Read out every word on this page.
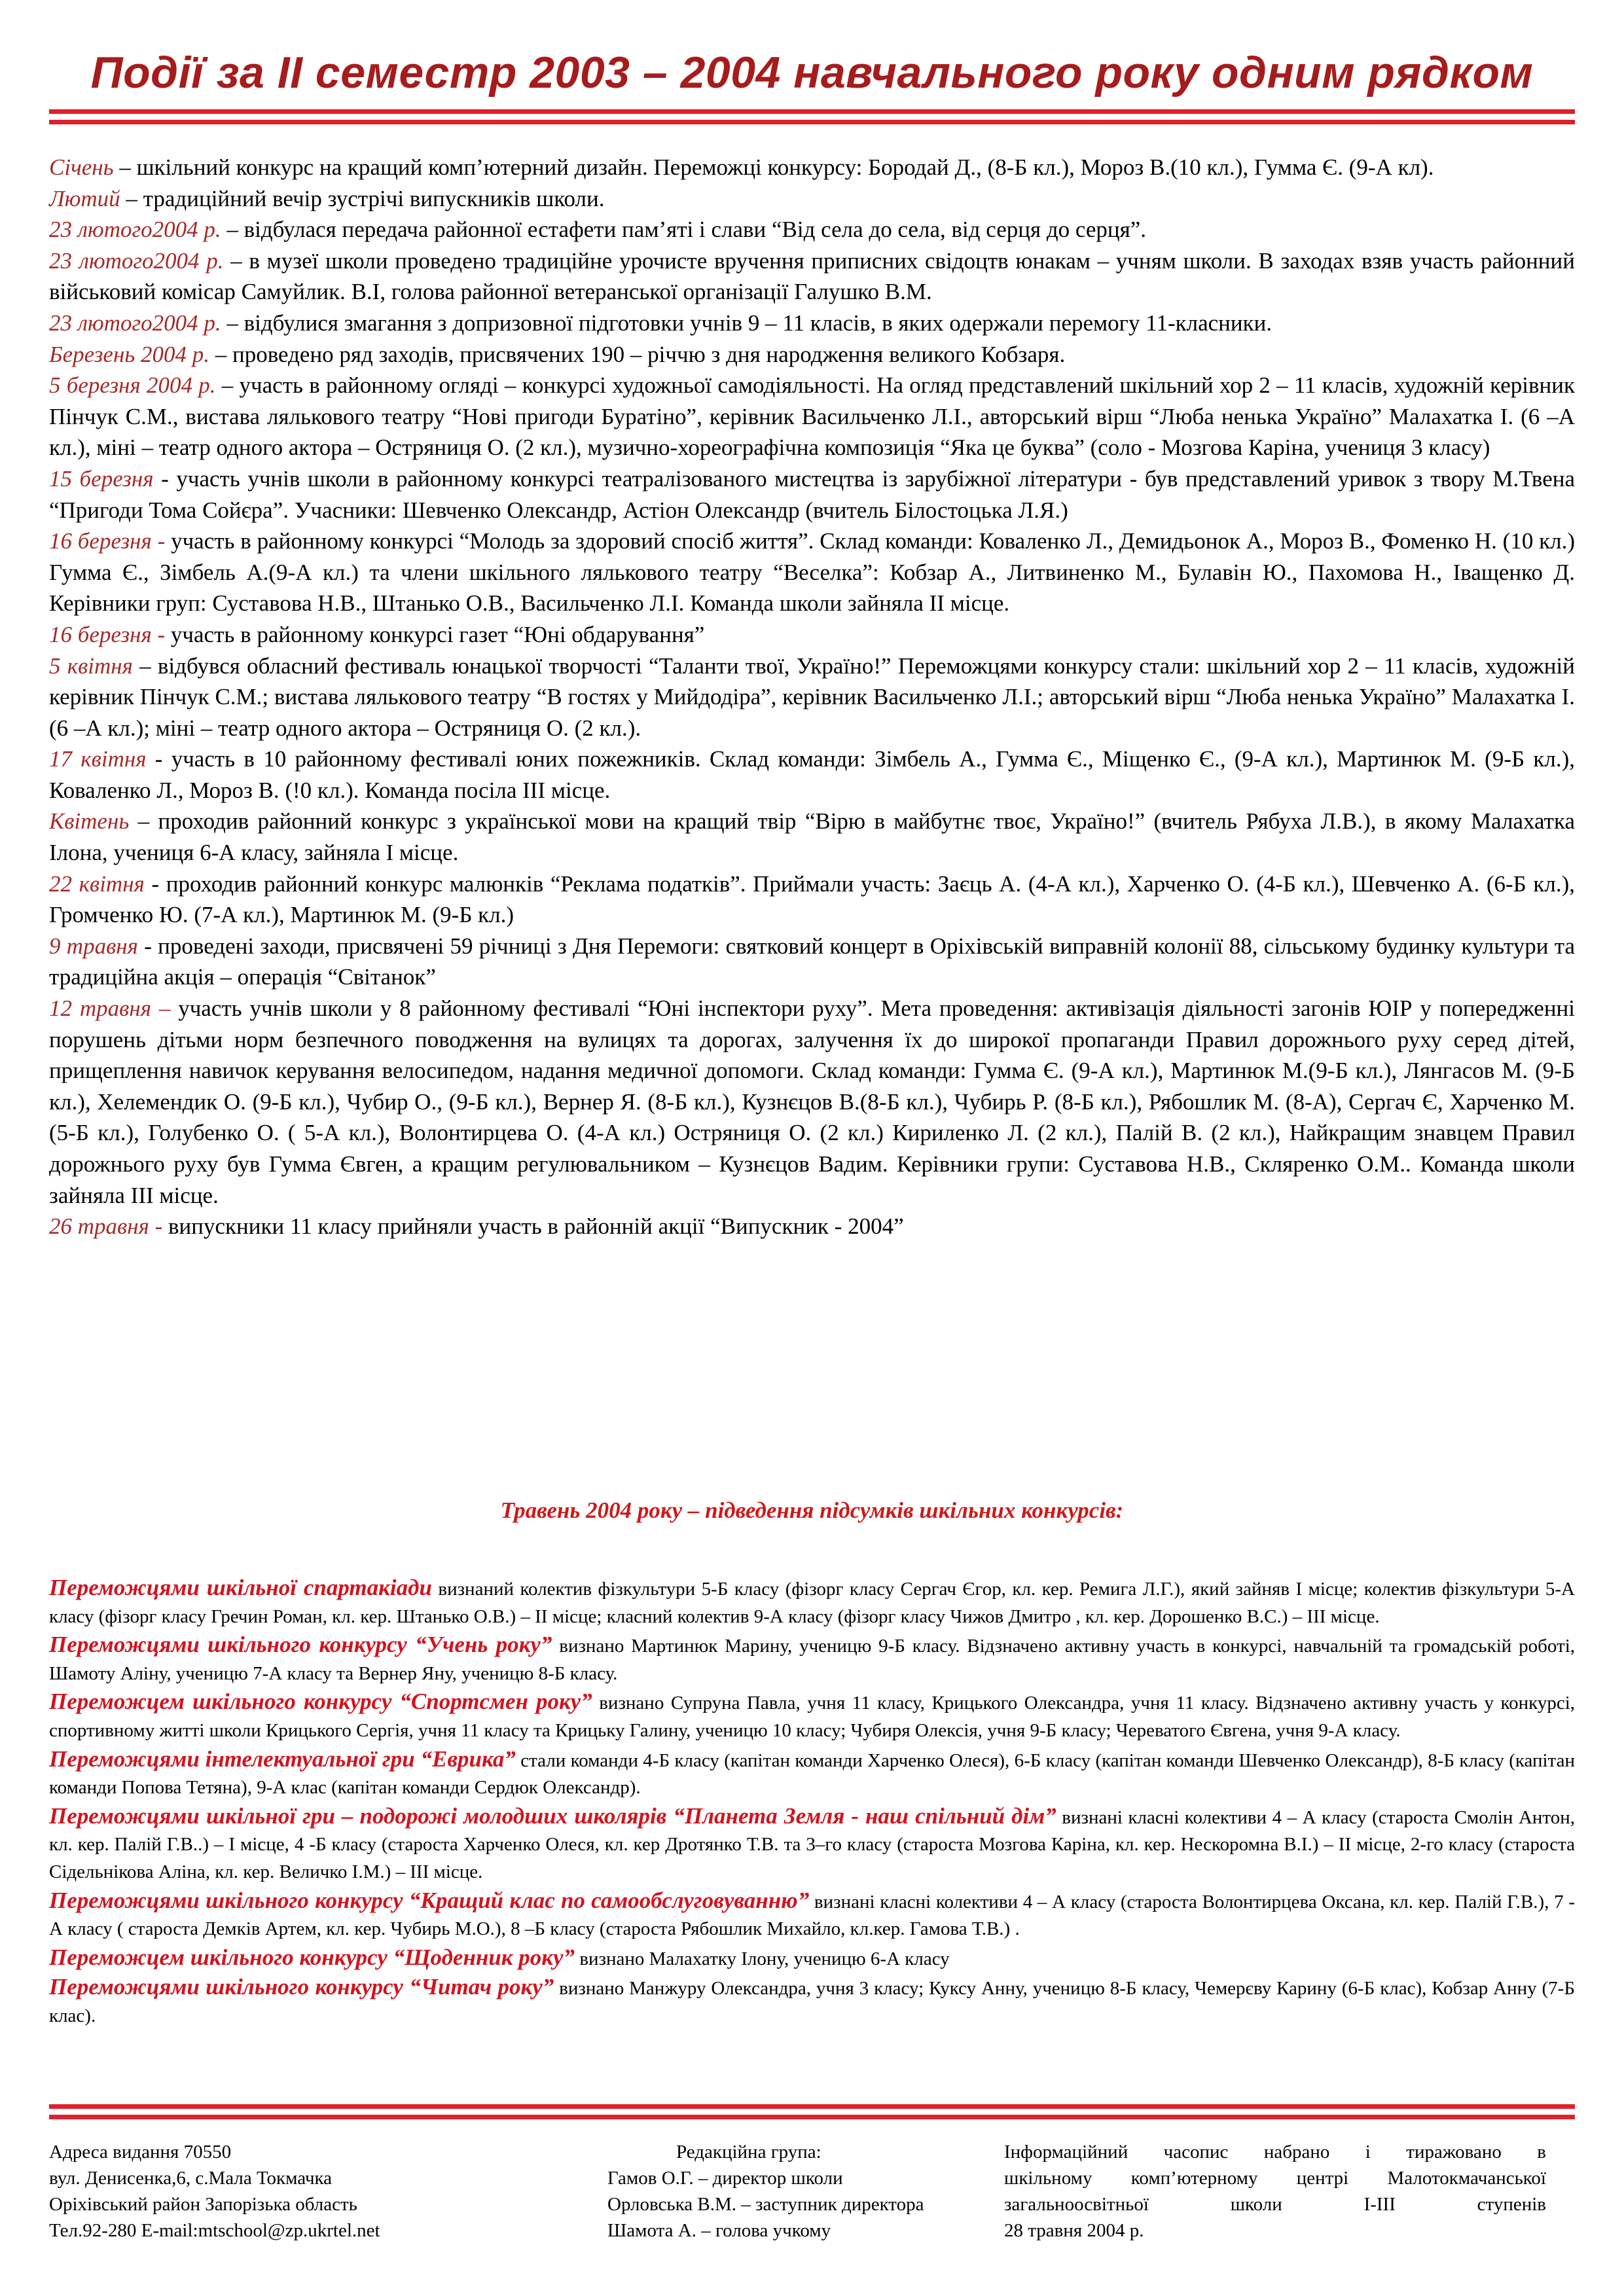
Події за II семестр 2003 – 2004 навчального року одним рядком

Січень – шкільний конкурс на кращий комп’ютерний дизайн. Переможці конкурсу: Бородай Д., (8-Б кл.), Мороз В.(10 кл.), Гумма Є. (9-А кл).

Лютий – традиційний вечір зустрічі випускників школи.

23 лютого2004 р. – відбулася передача районної естафети пам’яті і слави “Від села до села, від серця до серця”.

23 лютого2004 р. – в музеї школи проведено традиційне урочисте вручення приписних свідоцтв юнакам – учням школи. В заходах взяв участь районний військовий комісар Самуйлик. В.І, голова районної ветеранської організації Галушко В.М.

23 лютого2004 р. – відбулися змагання з допризовної підготовки учнів 9 – 11 класів, в яких одержали перемогу 11-класники.

Березень 2004 р. – проведено ряд заходів, присвячених 190 – річчю з дня народження великого Кобзаря.

5 березня 2004 р. – участь в районному огляді – конкурсі художньої самодіяльності. На огляд представлений шкільний хор 2 – 11 класів, художній керівник Пінчук С.М., вистава лялькового театру “Нові пригоди Буратіно”, керівник Васильченко Л.І., авторський вірш “Люба ненька Україно” Малахатка І. (6 –А кл.), міні – театр одного актора – Остряниця О. (2 кл.), музично-хореографічна композиція “Яка це буква” (соло - Мозгова Каріна, учениця 3 класу)

15 березня - участь учнів школи в районному конкурсі театралізованого мистецтва із зарубіжної літератури - був представлений уривок з твору М.Твена “Пригоди Тома Сойєра”. Учасники: Шевченко Олександр, Астіон Олександр (вчитель Білостоцька Л.Я.)

16 березня - участь в районному конкурсі “Молодь за здоровий спосіб життя”. Склад команди: Коваленко Л., Демидьонок А., Мороз В., Фоменко Н. (10 кл.) Гумма Є., Зімбель А.(9-А кл.) та члени шкільного лялькового театру “Веселка”: Кобзар А., Литвиненко М., Булавін Ю., Пахомова Н., Іващенко Д. Керівники груп: Суставова Н.В., Штанько О.В., Васильченко Л.І. Команда школи зайняла ІІ місце.

16 березня - участь в районному конкурсі газет “Юні обдарування”

5 квітня – відбувся обласний фестиваль юнацької творчості “Таланти твої, Україно!” Переможцями конкурсу стали: шкільний хор 2 – 11 класів, художній керівник Пінчук С.М.; вистава лялькового театру “В гостях у Мийдодіра”, керівник Васильченко Л.І.; авторський вірш “Люба ненька Україно” Малахатка І. (6 –А кл.); міні – театр одного актора – Остряниця О. (2 кл.).

17 квітня - участь в 10 районному фестивалі юних пожежників. Склад команди: Зімбель А., Гумма Є., Міщенко Є., (9-А кл.), Мартинюк М. (9-Б кл.), Коваленко Л., Мороз В. (!0 кл.). Команда посіла ІІІ місце.

Квітень – проходив районний конкурс з української мови на кращий твір “Вірю в майбутнє твоє, Україно!” (вчитель Рябуха Л.В.), в якому Малахатка Ілона, учениця 6-А класу, зайняла І місце.

22 квітня - проходив районний конкурс малюнків “Реклама податків”. Приймали участь: Заєць А. (4-А кл.), Харченко О. (4-Б кл.), Шевченко А. (6-Б кл.), Громченко Ю. (7-А кл.), Мартинюк М. (9-Б кл.)

9 травня - проведені заходи, присвячені 59 річниці з Дня Перемоги: святковий концерт в Оріхівській виправній колонії 88, сільському будинку культури та традиційна акція – операція “Світанок”

12 травня – участь учнів школи у 8 районному фестивалі “Юні інспектори руху”. Мета проведення: активізація діяльності загонів ЮІР у попередженні порушень дітьми норм безпечного поводження на вулицях та дорогах, залучення їх до широкої пропаганди Правил дорожнього руху серед дітей, прищеплення навичок керування велосипедом, надання медичної допомоги. Склад команди: Гумма Є. (9-А кл.), Мартинюк М.(9-Б кл.), Лянгасов М. (9-Б кл.), Хелемендик О. (9-Б кл.), Чубир О., (9-Б кл.), Вернер Я. (8-Б кл.), Кузнєцов В.(8-Б кл.), Чубирь Р. (8-Б кл.), Рябошлик М. (8-А), Сергач Є, Харченко М.(5-Б кл.), Голубенко О. ( 5-А кл.), Волонтирцева О. (4-А кл.) Остряниця О. (2 кл.) Кириленко Л. (2 кл.), Палій В. (2 кл.), Найкращим знавцем Правил дорожнього руху був Гумма Євген, а кращим регулювальником – Кузнєцов Вадим. Керівники групи: Суставова Н.В., Скляренко О.М.. Команда школи зайняла ІІІ місце.

26 травня - випускники 11 класу прийняли участь в районній акції “Випускник - 2004”

Травень 2004 року – підведення підсумків шкільних конкурсів:

Переможцями шкільної спартакіади визнаний колектив фізкультури 5-Б класу (фізорг класу Сергач Єгор, кл. кер. Ремига Л.Г.), який зайняв І місце; колектив фізкультури 5-А класу (фізорг класу Гречин Роман, кл. кер. Штанько О.В.) – ІІ місце; класний колектив 9-А класу (фізорг класу Чижов Дмитро , кл. кер. Дорошенко В.С.) – ІІІ місце.

Переможцями шкільного конкурсу “Учень року” визнано Мартинюк Марину, ученицю 9-Б класу. Відзначено активну участь в конкурсі, навчальній та громадській роботі, Шамоту Аліну, ученицю 7-А класу та Вернер Яну, ученицю 8-Б класу.

Переможцем шкільного конкурсу “Спортсмен року” визнано Супруна Павла, учня 11 класу, Крицького Олександра, учня 11 класу. Відзначено активну участь у конкурсі, спортивному житті школи Крицького Сергія, учня 11 класу та Крицьку Галину, ученицю 10 класу; Чубиря Олексія, учня 9-Б класу; Череватого Євгена, учня 9-А класу.

Переможцями інтелектуальної гри “Еврика” стали команди 4-Б класу (капітан команди Харченко Олеся), 6-Б класу (капітан команди Шевченко Олександр), 8-Б класу (капітан команди Попова Тетяна), 9-А клас (капітан команди Сердюк Олександр).

Переможцями шкільної гри – подорожі молодших школярів “Планета Земля - наш спільний дім” визнані класні колективи 4 – А класу (староста Смолін Антон, кл. кер. Палій Г.В..) – І місце, 4 -Б класу (староста Харченко Олеся, кл. кер Дротянко Т.В. та 3–го класу (староста Мозгова Каріна, кл. кер. Нескоромна В.І.) – ІІ місце, 2-го класу (староста Сідельнікова Аліна, кл. кер. Величко І.М.) – ІІІ місце.

Переможцями шкільного конкурсу “Кращий клас по самообслуговуванню” визнані класні колективи 4 – А класу (староста Волонтирцева Оксана, кл. кер. Палій Г.В.), 7 - А класу ( староста Демків Артем, кл. кер. Чубирь М.О.), 8 –Б класу (староста Рябошлик Михайло, кл.кер. Гамова Т.В.) .

Переможцем шкільного конкурсу “Щоденник року” визнано Малахатку Ілону, ученицю 6-А класу

Переможцями шкільного конкурсу “Читач року” визнано Манжуру Олександра, учня 3 класу; Куксу Анну, ученицю 8-Б класу, Чемерєву Карину (6-Б клас), Кобзар Анну (7-Б клас).

Адреса видання 70550
вул. Денисенка,6, с.Мала Токмачка
Оріхівський район Запорізька область
Тел.92-280 E-mail:mtschool@zp.ukrtel.net
Редакційна група:
Гамов О.Г. – директор школи
Орловська В.М. – заступник директора
Шамота А. – голова учкому
Інформаційний часопис набрано і тиражовано в
шкільному комп’ютерному центрі Малотокмачанської
загальноосвітньої школи І-ІІІ ступенів
28 травня 2004 р.
